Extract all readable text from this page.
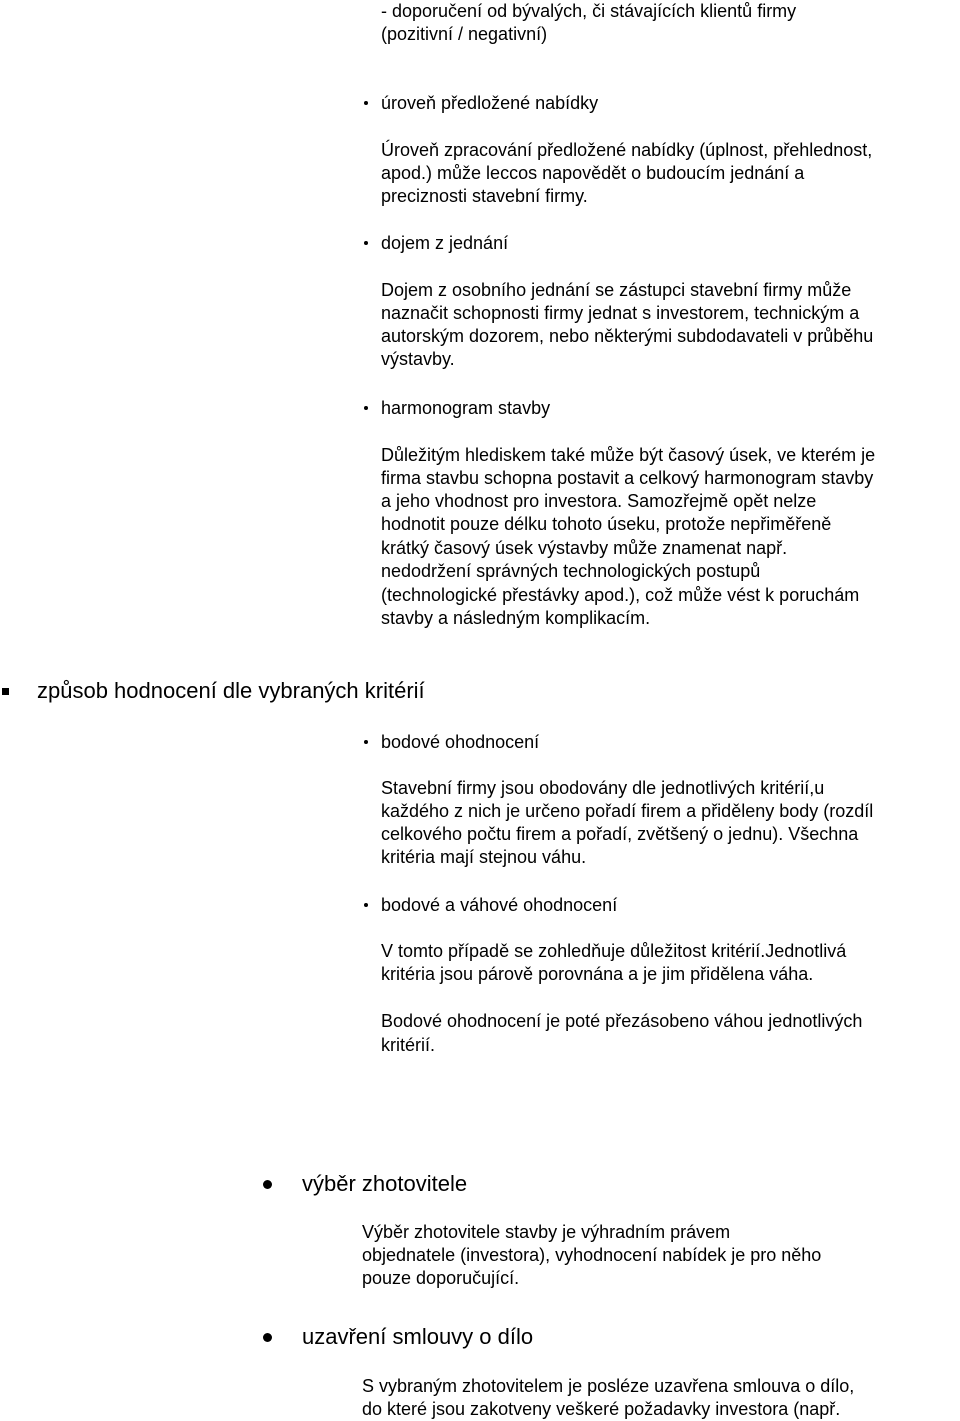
- doporučení od bývalých, či stávajících klientů firmy
(pozitivní / negativní)
úroveň předložené nabídky
Úroveň zpracování předložené nabídky (úplnost, přehlednost,
apod.) může leccos napovědět o budoucím jednání a
preciznosti stavební firmy.
dojem z jednání
Dojem z osobního jednání se zástupci stavební firmy může
naznačit schopnosti firmy jednat s investorem, technickým a
autorským dozorem, nebo některými subdodavateli v průběhu
výstavby.
harmonogram stavby
Důležitým hlediskem také může být časový úsek, ve kterém je
firma stavbu schopna postavit a celkový harmonogram stavby
a jeho vhodnost pro investora. Samozřejmě opět nelze
hodnotit pouze délku tohoto úseku, protože nepřiměřeně
krátký časový úsek výstavby může znamenat např.
nedodržení správných technologických postupů
(technologické přestávky apod.), což může vést k poruchám
stavby a následným komplikacím.
způsob hodnocení dle vybraných kritérií
bodové ohodnocení
Stavební firmy jsou obodovány dle jednotlivých kritérií,u
každého z nich je určeno pořadí firem a přiděleny body (rozdíl
celkového počtu firem a pořadí, zvětšený o jednu). Všechna
kritéria mají stejnou váhu.
bodové a váhové ohodnocení
V tomto případě se zohledňuje důležitost kritérií.Jednotlivá
kritéria jsou párově porovnána a je jim přidělena váha.
Bodové ohodnocení je poté přezásobeno váhou jednotlivých
kritérií.
výběr zhotovitele
Výběr zhotovitele stavby je výhradním právem
objednatele (investora), vyhodnocení nabídek je pro něho
pouze doporučující.
uzavření smlouvy o dílo
S vybraným zhotovitelem je posléze uzavřena smlouva o dílo,
do které jsou zakotveny veškeré požadavky investora (např.
